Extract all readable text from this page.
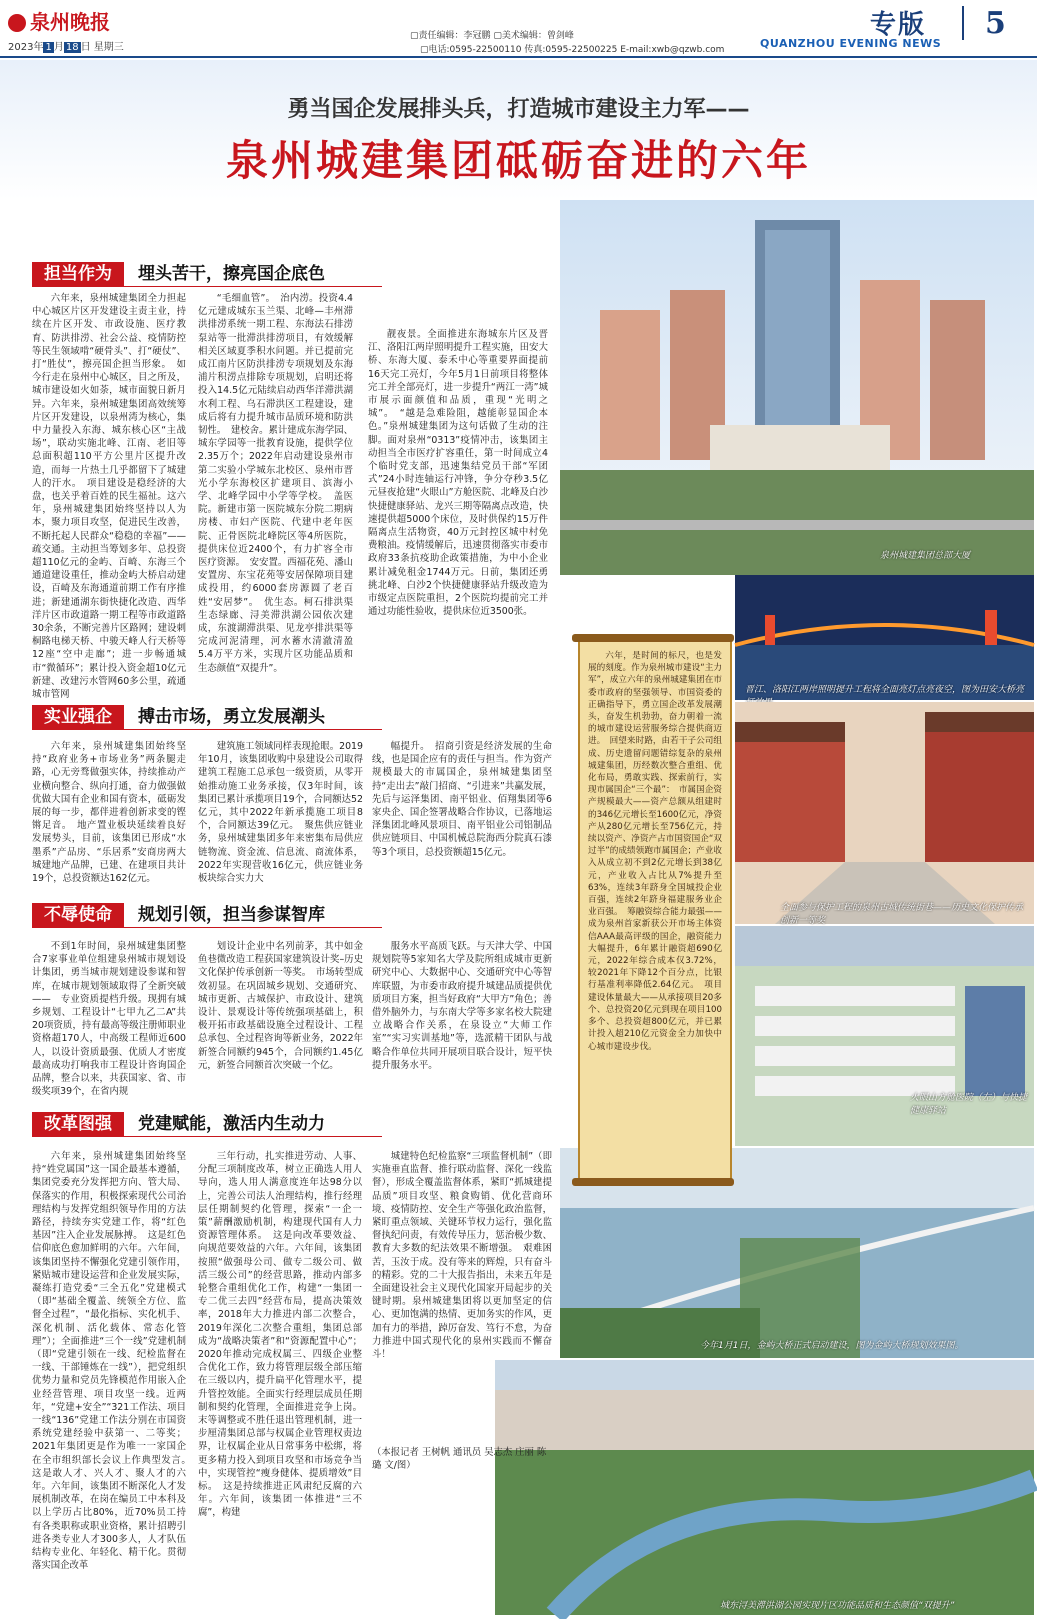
泉州晚报
2023年 1 月 18 日 星期三
▢责任编辑：李冠鹏 ▢美术编辑：曾剑峰
▢电话:0595-22500110 传真:0595-22500225 E-mail:xwb@qzwb.com
专版 5
QUANZHOU EVENING NEWS
勇当国企发展排头兵，打造城市建设主力军——
泉州城建集团砥砺奋进的六年
泉州城建集团总部大厦
晋江、洛阳江两岸照明提升工程将全面亮灯点亮夜空，图为田安大桥亮
全面参与保护工程的泉州古城传统街巷——历史文化保护传承创新一等奖
火眼山方舱医院（左）与快捷健康驿站
今年1月1日，金屿大桥正式启动建设，图为金屿大桥规划效果图。
城东浔美滞洪湖公园实现片区功能品质和生态颜值“双提升”
担当作为	埋头苦干，擦亮国企底色

六年来，泉州城建集团全力担起中心城区片区开发建设主责主业，持续在片区开发、市政设施、医疗教育、防洪排涝、社会公益、疫情防控等民生领域啃“硬骨头”、打“硬仗”、打“胜仗”，擦亮国企担当形象。　如今行走在泉州中心城区，目之所及，城市建设如火如荼，城市面貌日新月异。六年来，泉州城建集团高效统筹片区开发建设，以泉州湾为核心，集中力量投入东海、城东核心区“主战场”，联动实施北峰、江南、老旧等总面积超110平方公里片区提升改造，而每一片热土几乎都留下了城建人的汗水。　项目建设是稳经济的大盘，也关乎着百姓的民生福祉。这六年，泉州城建集团始终坚持以人为本，聚力项目攻坚，促进民生改善，不断托起人民群众“稳稳的幸福”——　疏交通。主动担当筹划多年、总投资超110亿元的金屿、百崎、东海三个通道建设重任，推动金屿大桥启动建设，百崎及东海通道前期工作有序推进；新建通湖东街快捷化改造、西华洋片区市政道路一期工程等市政道路30余条，不断完善片区路网；建设刺桐路电梯天桥、中骏天峰人行天桥等12座“空中走廊”；进一步畅通城市“微循环”；累计投入资金超10亿元新建、改建污水管网60多公里，疏通城市管网

“毛细血管”。　治内涝。投资4.4亿元建成城东玉兰渠、北峰—丰州滞洪排涝系统一期工程、东海法石排涝泵站等一批滞洪排涝项目，有效缓解相关区域夏季积水问题。并已提前完成江南片区防洪排涝专项规划及东海浦片积涝点排除专项规划，启明还将投入14.5亿元陆续启动西华洋滞洪湖水利工程、乌石滞洪区工程建设，建成后将有力提升城市品质环境和防洪韧性。　建校舍。累计建成东海学园、城东学园等一批教育设施，提供学位2.35万个；2022年启动建设泉州市第二实验小学城东北校区、泉州市晋光小学东海校区扩建项目、滨海小学、北峰学园中小学等学校。　盖医院。新建市第一医院城东分院二期病房楼、市妇产医院、代建中老年医院、正骨医院北峰院区等4所医院，提供床位近2400个，有力扩容全市医疗资源。　安安置。西福花苑、潘山安置房、东宝花苑等安居保障项目建成投用，约6000套房源圆了老百姓“安居梦”。　优生态。柯石排洪渠生态绿廊、浔美滞洪湖公园依次建成，东渡湖滞洪渠、见龙亭排洪渠等完成河泥清理，河水蓄水清澈清盈5.4万平方米，实现片区功能品质和生态颜值“双提升”。

靓夜景。全面推进东海城东片区及晋江、洛阳江两岸照明提升工程实施，田安大桥、东海大厦、泰禾中心等重要界面提前16天完工亮灯，今年5月1日前项目将整体完工并全部亮灯，进一步提升“两江一湾”城市展示面颜值和品质，重现“光明之城”。　“越是急难险阻，越能彰显国企本色。”泉州城建集团为这句话做了生动的注脚。面对泉州“0313”疫情冲击，该集团主动担当全市医疗扩容重任，第一时间成立4个临时党支部，迅速集结党员干部“军团式”24小时连轴运行冲锋，争分夺秒3.5亿元昼夜抢建“火眼山”方舱医院、北峰及白沙快捷健康驿站、龙兴三期等隔离点改造，快速提供超5000个床位，及时供保约15万件隔离点生活物资，40万元封控区城中村免费粮油。疫情缓解后，迅速贯彻落实市委市政府33条抗疫助企政策措施，为中小企业累计减免租金1744万元。日前，集团还勇挑北峰、白沙2个快捷健康驿站升级改造为市级定点医院重担，2个医院均提前完工并通过功能性验收，提供床位近3500张。

实业强企	搏击市场，勇立发展潮头

六年来，泉州城建集团始终坚持“政府业务+市场业务”两条腿走路，心无旁骛做强实体，持续推动产业横向整合、纵向打通，奋力做强做优做大国有企业和国有资本，砥砺发展的每一步，都伴进着创新求变的铿锵足音。　地产置业板块延续着良好发展势头，目前，该集团已形成“水墨系”产品房、“乐居系”安商房两大城建地产品牌，已建、在建项目共计19个，总投资额达162亿元。

建筑施工领域同样表现抢眼。2019年10月，该集团收购中泉建设公司取得建筑工程施工总承包一级资质，从零开始推动施工业务承接，仅3年时间，该集团已累计承揽项目19个，合同额达52亿元，其中2022年新承揽施工项目8个，合同额达39亿元。　聚焦供应链业务，泉州城建集团多年来密集布局供应链物流、资金流、信息流、商流体系，2022年实现营收16亿元，供应链业务板块综合实力大

幅提升。　招商引资是经济发展的生命线，也是国企应有的责任与担当。作为资产规模最大的市属国企，泉州城建集团坚持“走出去”敲门招商、“引进来”共赢发展，先后与运泽集团、南平铝业、佰翔集团等6家央企、国企签署战略合作协议，已落地运泽集团北峰风景项目、南平铝业公司铝制品供应链项目、中国机械总院海西分院真石漆等3个项目，总投资额超15亿元。

不辱使命	规划引领，担当参谋智库

不到1年时间，泉州城建集团整合7家事业单位组建泉州城市规划设计集团，勇当城市规划建设参谋和智库，在城市规划领域取得了全新突破——　专业资质提档升级。现拥有城乡规划、工程设计“七甲九乙二A”共20项资质，持有最高等级注册师职业资格超170人，中高级工程师近600人，以设计资质最强、优质人才密度最高成功打响我市工程设计咨询国企品牌，整合以来，共获国家、省、市级奖项39个，在省内规

划设计企业中名列前茅，其中如金鱼巷微改造工程获国家建筑设计奖–历史文化保护传承创新一等奖。　市场转型成效初显。在巩固城乡规划、交通研究、城市更新、古城保护、市政设计、建筑设计、景观设计等传统强项基础上，积极开拓市政基础设施全过程设计、工程总承包、全过程咨询等新业务，2022年新签合同额约945个，合同额约1.45亿元，新签合同额首次突破一个亿。

服务水平高质飞跃。与天津大学、中国规划院等5家知名大学及院所组成城市更新研究中心、大数据中心、交通研究中心等智库联盟，为市委市政府提升城建品质提供优质项目方案，担当好政府“大甲方”角色；善借外脑外力，与东南大学等多家名校大院建立战略合作关系，在泉设立“大师工作室”“实习实训基地”等，选派精干团队与战略合作单位共同开展项目联合设计，短平快提升服务水平。

改革图强	党建赋能，激活内生动力

六年来，泉州城建集团始终坚持“姓党属国”这一国企最基本遵循，集团党委充分发挥把方向、管大局、保落实的作用，积极探索现代公司治理结构与发挥党组织领导作用的方法路径，持续夯实党建工作，将“红色基因”注入企业发展脉搏。　这是红色信仰底色愈加鲜明的六年。六年间，该集团坚持不懈强化党建引领作用，紧贴城市建设运营和企业发展实际，凝练打造党委“三全五化”党建模式（即“基础全覆盖、统领全方位、监督全过程”，“最化指标、实化机手、深化机制、活化载体、常态化管理”）；全面推进“三个一线”党建机制（即“党建引领在一线、纪检监督在一线、干部锤炼在一线”），把党组织优势力量和党员先锋模范作用嵌入企业经营管理、项目攻坚一线。近两年，“党建+安全”“321工作法、项目一线“136”党建工作法分别在市国资系统党建经验中获第一、二等奖；2021年集团更是作为唯一一家国企在全市组织部长会议上作典型发言。　这是敢人才、兴人才、聚人才的六年。六年间，该集团不断深化人才发展机制改革，在岗在编员工中本科及以上学历占比80%，近70%员工持有各类职称或职业资格，累计招聘引进各类专业人才300多人，人才队伍结构专业化、年轻化、精干化。贯彻落实国企改革

三年行动，扎实推进劳动、人事、分配三项制度改革，树立正确选人用人导向，选人用人满意度连年达98分以上，完善公司法人治理结构，推行经理层任期制契约化管理，探索“一企一策”薪酬激励机制，构建现代国有人力资源管理体系。　这是向改革要效益、向规范要效益的六年。六年间，该集团按照“做强母公司、做专二级公司、做活三级公司”的经营思路，推动内部多轮整合重组优化工作，构建“一集团一专二优三去四”经营布局，提高决策效率，2018年大力推进内部二次整合，2019年深化二次整合重组，集团总部成为“战略决策者”和“资源配置中心”；2020年推动完成权属三、四级企业整合优化工作，致力将管理层级全部压缩在三级以内，提升扁平化管理水平，提升管控效能。全面实行经理层成员任期制和契约化管理，全面推进竞争上岗。末等调整或不胜任退出管理机制，进一步厘清集团总部与权属企业管理权责边界，让权属企业从日常事务中松绑，将更多精力投入到项目攻坚和市场竞争当中，实现管控“瘦身健体、提质增效”目标。　这是持续推进正风肃纪反腐的六年。六年间，该集团一体推进“三不腐”，构建

城建特色纪检监察“三项监督机制”（即实施垂直监督、推行联动监督、深化一线监督），形成全覆盖监督体系，紧盯“抓城建提品质”项目攻坚、粮食购销、优化营商环境、疫情防控、安全生产等强化政治监督，紧盯重点领域、关键环节权力运行，强化监督执纪问责，有效传导压力，惩治极少数、教育大多数的纪法效果不断增强。　艰难困苦，玉汝于成。没有等来的辉煌，只有奋斗的精彩。党的二十大报告指出，未来五年是全面建设社会主义现代化国家开局起步的关键时期。泉州城建集团将以更加坚定的信心、更加饱满的热情、更加务实的作风，更加有力的举措，踔厉奋发、笃行不怠，为奋力推进中国式现代化的泉州实践而不懈奋斗！

（本报记者 王树帆 通讯员 吴志杰 庄丽 陈璐 文/图）

六年，是时间的标尺，也是发展的刻度。作为泉州城市建设“主力军”，成立六年的泉州城建集团在市委市政府的坚强领导、市国资委的正确指导下，勇立国企改革发展潮头，奋发生机勃勃，奋力朝着一流的城市建设运营服务综合提供商迈进。　回望来时路，由若干子公司组成、历史遗留问题错综复杂的泉州城建集团，历经数次整合重组、优化布局，勇敢实践、探索前行，实现市属国企“三个最”：　市属国企资产规模最大——资产总额从组建时的346亿元增长至1600亿元，净资产从280亿元增长至756亿元，持续以资产、净资产占市国资国企“双过半”的成绩领跑市属国企；产业收入从成立初不到2亿元增长到38亿元，产业收入占比从7%提升至63%，连续3年跻身全国城投企业百强，连续2年跻身福建服务业企业百强。　筹融资综合能力最强——成为泉州首家新获公开市场主体资信AAA最高评级的国企，融资能力大幅提升，6年累计融资超690亿元，2022年综合成本仅3.72%，较2021年下降12个百分点，比银行基准利率降低2.64亿元。　项目建设体量最大——从承接项目20多个、总投资20亿元到现在项目100多个、总投资超800亿元，并已累计投入超210亿元资金全力加快中心城市建设步伐。
